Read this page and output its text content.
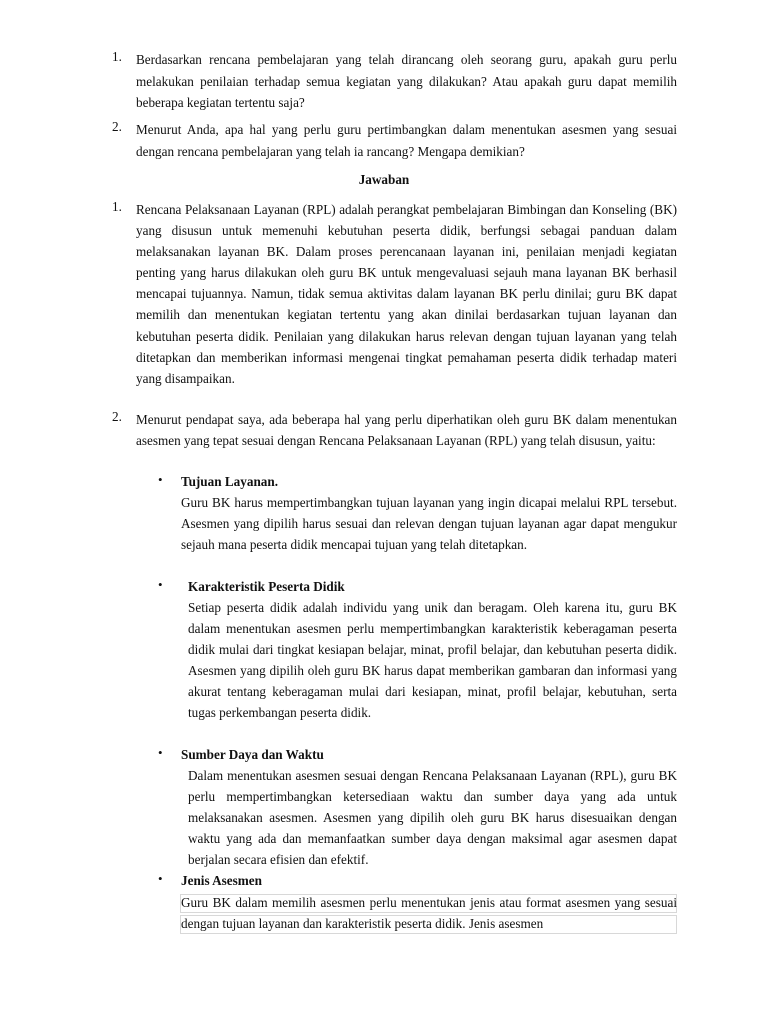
1.	Berdasarkan rencana pembelajaran yang telah dirancang oleh seorang guru, apakah guru perlu melakukan penilaian terhadap semua kegiatan yang dilakukan? Atau apakah guru dapat memilih beberapa kegiatan tertentu saja?
2.	Menurut Anda, apa hal yang perlu guru pertimbangkan dalam menentukan asesmen yang sesuai dengan rencana pembelajaran yang telah ia rancang? Mengapa demikian?
Jawaban
1.	Rencana Pelaksanaan Layanan (RPL) adalah perangkat pembelajaran Bimbingan dan Konseling (BK) yang disusun untuk memenuhi kebutuhan peserta didik, berfungsi sebagai panduan dalam melaksanakan layanan BK. Dalam proses perencanaan layanan ini, penilaian menjadi kegiatan penting yang harus dilakukan oleh guru BK untuk mengevaluasi sejauh mana layanan BK berhasil mencapai tujuannya. Namun, tidak semua aktivitas dalam layanan BK perlu dinilai; guru BK dapat memilih dan menentukan kegiatan tertentu yang akan dinilai berdasarkan tujuan layanan dan kebutuhan peserta didik. Penilaian yang dilakukan harus relevan dengan tujuan layanan yang telah ditetapkan dan memberikan informasi mengenai tingkat pemahaman peserta didik terhadap materi yang disampaikan.
2.	Menurut pendapat saya, ada beberapa hal yang perlu diperhatikan oleh guru BK dalam menentukan asesmen yang tepat sesuai dengan Rencana Pelaksanaan Layanan (RPL) yang telah disusun, yaitu:
• Tujuan Layanan.
Guru BK harus mempertimbangkan tujuan layanan yang ingin dicapai melalui RPL tersebut. Asesmen yang dipilih harus sesuai dan relevan dengan tujuan layanan agar dapat mengukur sejauh mana peserta didik mencapai tujuan yang telah ditetapkan.
• Karakteristik Peserta Didik
Setiap peserta didik adalah individu yang unik dan beragam. Oleh karena itu, guru BK dalam menentukan asesmen perlu mempertimbangkan karakteristik keberagaman peserta didik mulai dari tingkat kesiapan belajar, minat, profil belajar, dan kebutuhan peserta didik. Asesmen yang dipilih oleh guru BK harus dapat memberikan gambaran dan informasi yang akurat tentang keberagaman mulai dari kesiapan, minat, profil belajar, kebutuhan, serta tugas perkembangan peserta didik.
• Sumber Daya dan Waktu
Dalam menentukan asesmen sesuai dengan Rencana Pelaksanaan Layanan (RPL), guru BK perlu mempertimbangkan ketersediaan waktu dan sumber daya yang ada untuk melaksanakan asesmen. Asesmen yang dipilih oleh guru BK harus disesuaikan dengan waktu yang ada dan memanfaatkan sumber daya dengan maksimal agar asesmen dapat berjalan secara efisien dan efektif.
• Jenis Asesmen
Guru BK dalam memilih asesmen perlu menentukan jenis atau format asesmen yang sesuai dengan tujuan layanan dan karakteristik peserta didik. Jenis asesmen
